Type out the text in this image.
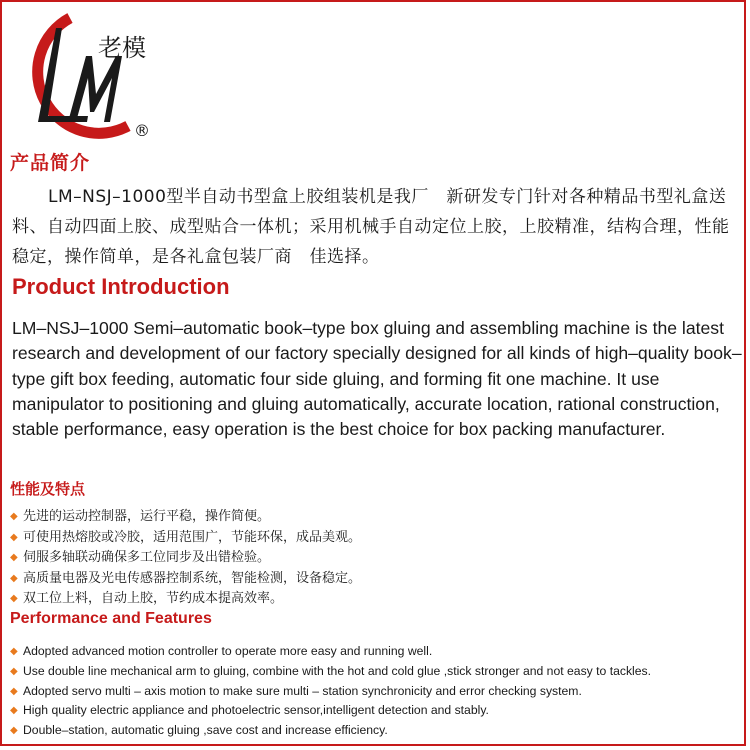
老模
®
产品简介
LM–NSJ–1000型半自动书型盒上胶组装机是我厂　新研发专门针对各种精品书型礼盒送料、自动四面上胶、成型贴合一体机；采用机械手自动定位上胶，上胶精准，结构合理，性能稳定，操作简单，是各礼盒包装厂商　佳选择。
Product Introduction
LM–NSJ–1000 Semi–automatic book–type box gluing and assembling machine is the latest research and development of our factory specially designed for all kinds of high–quality book–type gift box feeding, automatic four side gluing, and forming fit one machine. It use manipulator to positioning and gluing automatically, accurate location, rational construction, stable performance, easy operation is the best choice for box packing manufacturer.
性能及特点
◆ 先进的运动控制器，运行平稳，操作简便。
◆ 可使用热熔胶或冷胶，适用范围广，节能环保，成品美观。
◆ 伺服多轴联动确保多工位同步及出错检验。
◆ 高质量电器及光电传感器控制系统，智能检测，设备稳定。
◆ 双工位上料，自动上胶，节约成本提高效率。
Performance and Features
◆ Adopted advanced motion controller to operate more easy and running well.
◆ Use double line mechanical arm to gluing, combine with the hot and cold glue ,stick stronger and not easy to tackles.
◆ Adopted servo multi – axis motion to make sure multi – station synchronicity and error checking system.
◆ High quality electric appliance and photoelectric sensor,intelligent detection and stably.
◆ Double–station, automatic gluing ,save cost and increase efficiency.
